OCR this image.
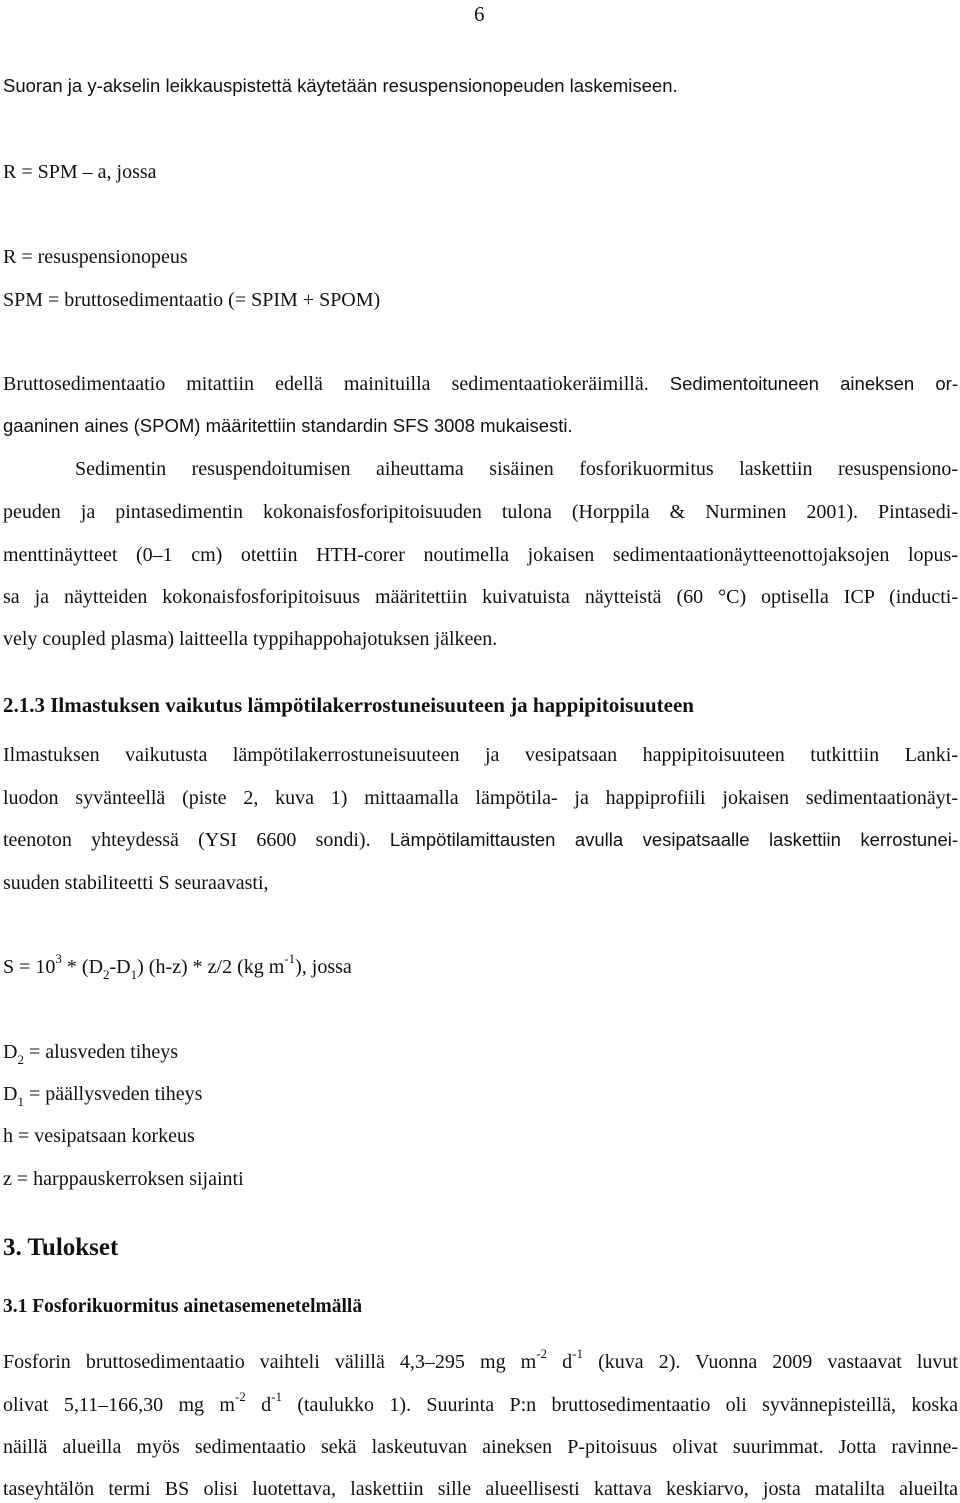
6
Suoran ja y-akselin leikkauspistettä käytetään resuspensionopeuden laskemiseen.
R = SPM – a, jossa
R = resuspensionopeus
SPM = bruttosedimentaatio (= SPIM + SPOM)
Bruttosedimentaatio mitattiin edellä mainituilla sedimentaatiokeräimillä. Sedimentoituneen aineksen or-
gaaninen aines (SPOM) määritettiin standardin SFS 3008 mukaisesti.
Sedimentin resuspendoitumisen aiheuttama sisäinen fosforikuormitus laskettiin resuspensiono-
peuden ja pintasedimentin kokonaisfosforipitoisuuden tulona (Horppila & Nurminen 2001). Pintasedi-
menttinäytteet (0–1 cm) otettiin HTH-corer noutimella jokaisen sedimentaationäytteenottojaksojen lopus-
sa ja näytteiden kokonaisfosforipitoisuus määritettiin kuivatuista näytteistä (60 °C) optisella ICP (inducti-
vely coupled plasma) laitteella typpihappohajotuksen jälkeen.
2.1.3 Ilmastuksen vaikutus lämpötilakerrostuneisuuteen ja happipitoisuuteen
Ilmastuksen vaikutusta lämpötilakerrostuneisuuteen ja vesipatsaan happipitoisuuteen tutkittiin Lanki-
luodon syvänteellä (piste 2, kuva 1) mittaamalla lämpötila- ja happiprofiili jokaisen sedimentaationäyt-
teenoton yhteydessä (YSI 6600 sondi). Lämpötilamittausten avulla vesipatsaalle laskettiin kerrostunei-
suuden stabiliteetti S seuraavasti,
$S = 10^3 * (D_2-D_1)$ (h-z) * z/2 (kg $m^{-1}$), jossa
$D_2$ = alusveden tiheys
$D_1$ = päällysveden tiheys
h = vesipatsaan korkeus
z = harppauskerroksen sijainti
3. Tulokset
3.1 Fosforikuormitus ainetasemenetelmällä
Fosforin bruttosedimentaatio vaihteli välillä 4,3–295 mg $m^{-2}$ $d^{-1}$ (kuva 2). Vuonna 2009 vastaavat luvut
olivat 5,11–166,30 mg $m^{-2}$ $d^{-1}$ (taulukko 1). Suurinta P:n bruttosedimentaatio oli syvännepisteillä, koska
näillä alueilla myös sedimentaatio sekä laskeutuvan aineksen P-pitoisuus olivat suurimmat. Jotta ravinne-
taseyhtälön termi BS olisi luotettava, laskettiin sille alueellisesti kattava keskiarvo, josta matalilta alueilta
